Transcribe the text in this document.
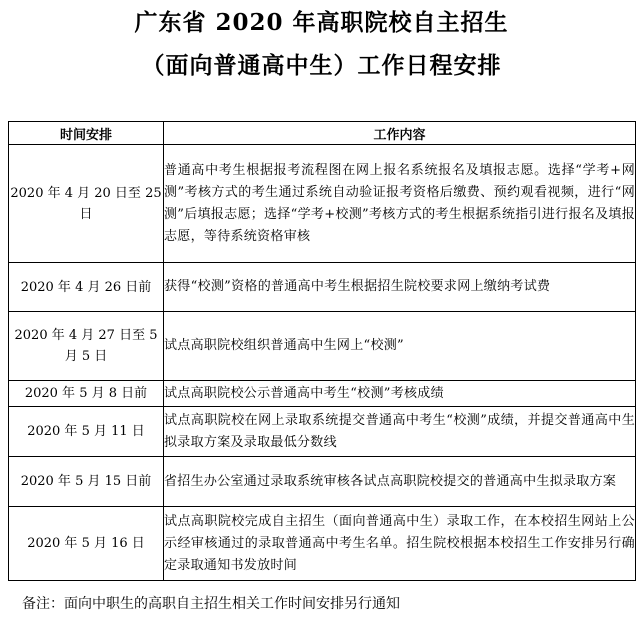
广东省 2020 年高职院校自主招生
（面向普通高中生）工作日程安排
时间安排	工作内容
2020 年 4 月 20 日至 25 日	普通高中考生根据报考流程图在网上报名系统报名及填报志愿。选择“学考+网测”考核方式的考生通过系统自动验证报考资格后缴费、预约观看视频，进行“网测”后填报志愿；选择“学考+校测”考核方式的考生根据系统指引进行报名及填报志愿，等待系统资格审核
2020 年 4 月 26 日前	获得“校测”资格的普通高中考生根据招生院校要求网上缴纳考试费
2020 年 4 月 27 日至 5 月 5 日	试点高职院校组织普通高中生网上“校测”
2020 年 5 月 8 日前	试点高职院校公示普通高中考生“校测”考核成绩
2020 年 5 月 11 日	试点高职院校在网上录取系统提交普通高中考生“校测”成绩，并提交普通高中生拟录取方案及录取最低分数线
2020 年 5 月 15 日前	省招生办公室通过录取系统审核各试点高职院校提交的普通高中生拟录取方案
2020 年 5 月 16 日	试点高职院校完成自主招生（面向普通高中生）录取工作，在本校招生网站上公示经审核通过的录取普通高中考生名单。招生院校根据本校招生工作安排另行确定录取通知书发放时间
备注：面向中职生的高职自主招生相关工作时间安排另行通知
